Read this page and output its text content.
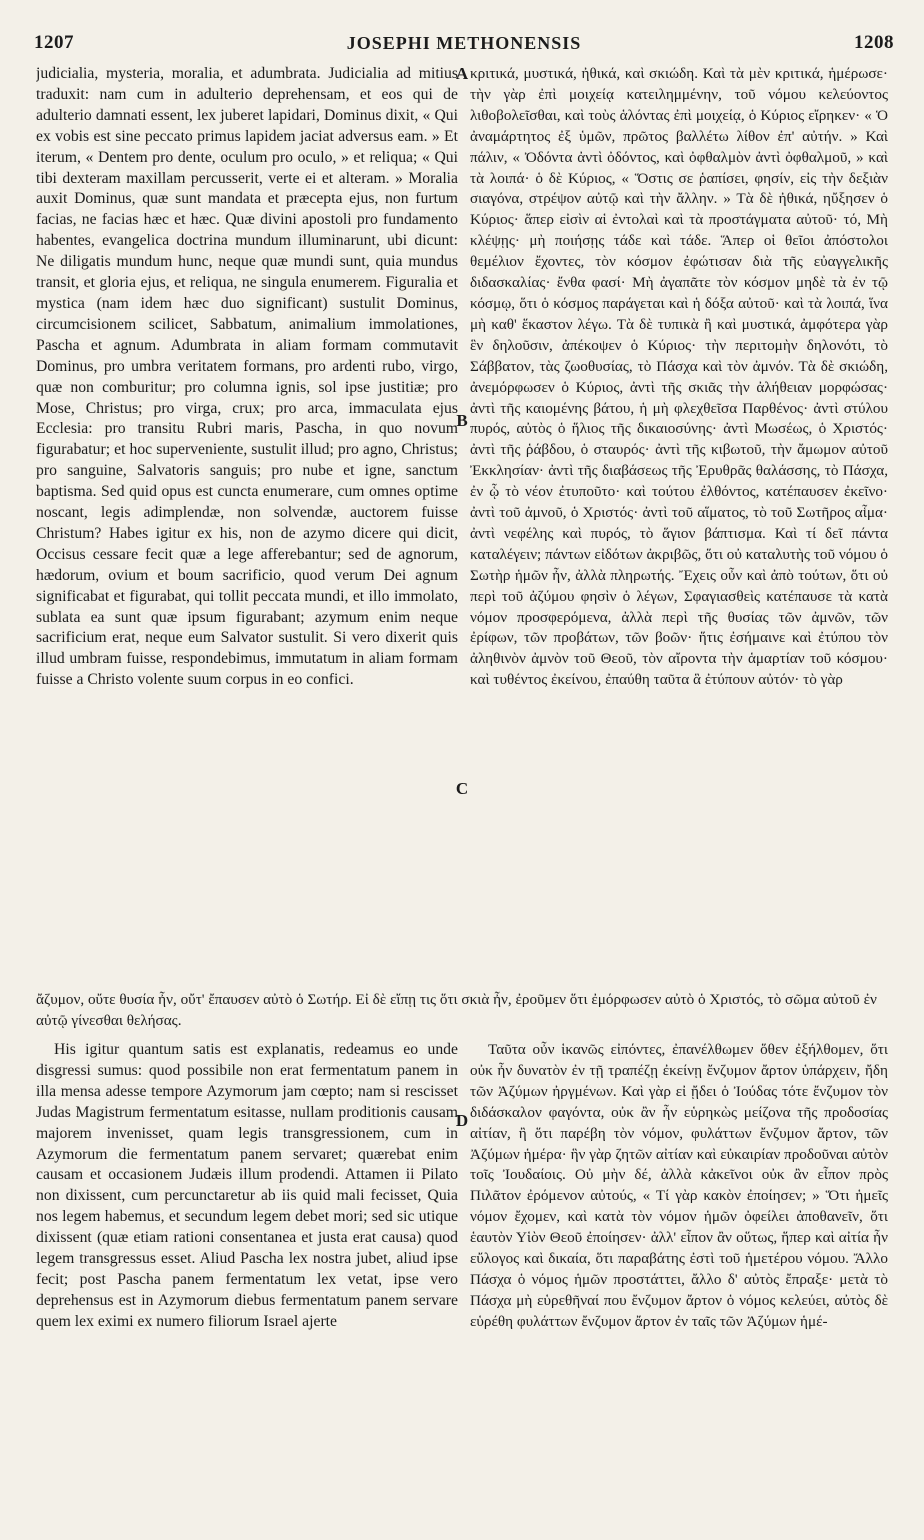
1207	JOSEPHI METHONENSIS	1208
A
B
C
D

judicialia, mysteria, moralia, et adumbrata. Judicialia ad mitius traduxit: nam cum in adulterio deprehensam, et eos qui de adulterio damnati essent, lex juberet lapidari, Dominus dixit, « Qui ex vobis est sine peccato primus lapidem jaciat adversus eam. » Et iterum, « Dentem pro dente, oculum pro oculo, » et reliqua; « Qui tibi dexteram maxillam percusserit, verte ei et alteram. » Moralia auxit Dominus, quæ sunt mandata et præcepta ejus, non furtum facias, ne facias hæc et hæc. Quæ divini apostoli pro fundamento habentes, evangelica doctrina mundum illuminarunt, ubi dicunt: Ne diligatis mundum hunc, neque quæ mundi sunt, quia mundus transit, et gloria ejus, et reliqua, ne singula enumerem. Figuralia et mystica (nam idem hæc duo significant) sustulit Dominus, circumcisionem scilicet, Sabbatum, animalium immolationes, Pascha et agnum. Adumbrata in aliam formam commutavit Dominus, pro umbra veritatem formans, pro ardenti rubo, virgo, quæ non comburitur; pro columna ignis, sol ipse justitiæ; pro Mose, Christus; pro virga, crux; pro arca, immaculata ejus Ecclesia: pro transitu Rubri maris, Pascha, in quo novum figurabatur; et hoc superveniente, sustulit illud; pro agno, Christus; pro sanguine, Salvatoris sanguis; pro nube et igne, sanctum baptisma. Sed quid opus est cuncta enumerare, cum omnes optime noscant, legis adimplendæ, non solvendæ, auctorem fuisse Christum? Habes igitur ex his, non de azymo dicere qui dicit, Occisus cessare fecit quæ a lege afferebantur; sed de agnorum, hædorum, ovium et boum sacrificio, quod verum Dei agnum significabat et figurabat, qui tollit peccata mundi, et illo immolato, sublata ea sunt quæ ipsum figurabant; azymum enim neque sacrificium erat, neque eum Salvator sustulit. Si vero dixerit quis illud umbram fuisse, respondebimus, immutatum in aliam formam fuisse a Christo volente suum corpus in eo confici.

κριτικά, μυστικά, ἠθικά, καὶ σκιώδη. Καὶ τὰ μὲν κριτικά, ἡμέρωσε· τὴν γὰρ ἐπὶ μοιχείᾳ κατειλημμένην, τοῦ νόμου κελεύοντος λιθοβολεῖσθαι, καὶ τοὺς ἁλόντας ἐπὶ μοιχείᾳ, ὁ Κύριος εἴρηκεν· « Ὁ ἀναμάρτητος ἐξ ὑμῶν, πρῶτος βαλλέτω λίθον ἐπ' αὐτήν. » Καὶ πάλιν, « Ὀδόντα ἀντὶ ὀδόντος, καὶ ὀφθαλμὸν ἀντὶ ὀφθαλμοῦ, » καὶ τὰ λοιπά· ὁ δὲ Κύριος, « Ὅστις σε ῥαπίσει, φησίν, εἰς τὴν δεξιὰν σιαγόνα, στρέψον αὐτῷ καὶ τὴν ἄλλην. » Τὰ δὲ ἠθικά, ηὔξησεν ὁ Κύριος· ἅπερ εἰσὶν αἱ ἐντολαὶ καὶ τὰ προστάγματα αὐτοῦ· τό, Μὴ κλέψῃς· μὴ ποιήσῃς τάδε καὶ τάδε. Ἅπερ οἱ θεῖοι ἀπόστολοι θεμέλιον ἔχοντες, τὸν κόσμον ἐφώτισαν διὰ τῆς εὐαγγελικῆς διδασκαλίας· ἔνθα φασί· Μὴ ἀγαπᾶτε τὸν κόσμον μηδὲ τὰ ἐν τῷ κόσμῳ, ὅτι ὁ κόσμος παράγεται καὶ ἡ δόξα αὐτοῦ· καὶ τὰ λοιπά, ἵνα μὴ καθ' ἕκαστον λέγω. Τὰ δὲ τυπικὰ ἢ καὶ μυστικά, ἀμφότερα γὰρ ἓν δηλοῦσιν, ἀπέκοψεν ὁ Κύριος· τὴν περιτομὴν δηλονότι, τὸ Σάββατον, τὰς ζωοθυσίας, τὸ Πάσχα καὶ τὸν ἀμνόν. Τὰ δὲ σκιώδη, ἀνεμόρφωσεν ὁ Κύριος, ἀντὶ τῆς σκιᾶς τὴν ἀλήθειαν μορφώσας· ἀντὶ τῆς καιομένης βάτου, ἡ μὴ φλεχθεῖσα Παρθένος· ἀντὶ στύλου πυρός, αὐτὸς ὁ ἥλιος τῆς δικαιοσύνης· ἀντὶ Μωσέως, ὁ Χριστός· ἀντὶ τῆς ῥάβδου, ὁ σταυρός· ἀντὶ τῆς κιβωτοῦ, τὴν ἄμωμον αὐτοῦ Ἐκκλησίαν· ἀντὶ τῆς διαβάσεως τῆς Ἐρυθρᾶς θαλάσσης, τὸ Πάσχα, ἐν ᾧ τὸ νέον ἐτυποῦτο· καὶ τούτου ἐλθόντος, κατέπαυσεν ἐκεῖνο· ἀντὶ τοῦ ἀμνοῦ, ὁ Χριστός· ἀντὶ τοῦ αἵματος, τὸ τοῦ Σωτῆρος αἷμα· ἀντὶ νεφέλης καὶ πυρός, τὸ ἅγιον βάπτισμα. Καὶ τί δεῖ πάντα καταλέγειν; πάντων εἰδότων ἀκριβῶς, ὅτι οὐ καταλυτὴς τοῦ νόμου ὁ Σωτὴρ ἡμῶν ἦν, ἀλλὰ πληρωτής. Ἔχεις οὖν καὶ ἀπὸ τούτων, ὅτι οὐ περὶ τοῦ ἀζύμου φησὶν ὁ λέγων, Σφαγιασθεὶς κατέπαυσε τὰ κατὰ νόμον προσφερόμενα, ἀλλὰ περὶ τῆς θυσίας τῶν ἀμνῶν, τῶν ἐρίφων, τῶν προβάτων, τῶν βοῶν· ἥτις ἐσήμαινε καὶ ἐτύπου τὸν ἀληθινὸν ἀμνὸν τοῦ Θεοῦ, τὸν αἴροντα τὴν ἁμαρτίαν τοῦ κόσμου· καὶ τυθέντος ἐκείνου, ἐπαύθη ταῦτα ἃ ἐτύπουν αὐτόν· τὸ γὰρ

ἄζυμον, οὔτε θυσία ἦν, οὔτ' ἔπαυσεν αὐτὸ ὁ Σωτήρ. Εἰ δὲ εἴπῃ τις ὅτι σκιὰ ἦν, ἐροῦμεν ὅτι ἐμόρφωσεν αὐτὸ ὁ Χριστός, τὸ σῶμα αὐτοῦ ἐν αὐτῷ γίνεσθαι θελήσας.

His igitur quantum satis est explanatis, redeamus eo unde disgressi sumus: quod possibile non erat fermentatum panem in illa mensa adesse tempore Azymorum jam cœpto; nam si rescisset Judas Magistrum fermentatum esitasse, nullam proditionis causam majorem invenisset, quam legis transgressionem, cum in Azymorum die fermentatum panem servaret; quærebat enim causam et occasionem Judæis illum prodendi. Attamen ii Pilato non dixissent, cum percunctaretur ab iis quid mali fecisset, Quia nos legem habemus, et secundum legem debet mori; sed sic utique dixissent (quæ etiam rationi consentanea et justa erat causa) quod legem transgressus esset. Aliud Pascha lex nostra jubet, aliud ipse fecit; post Pascha panem fermentatum lex vetat, ipse vero deprehensus est in Azymorum diebus fermentatum panem servare quem lex eximi ex numero filiorum Israel ajerte

Ταῦτα οὖν ἱκανῶς εἰπόντες, ἐπανέλθωμεν ὅθεν ἐξήλθομεν, ὅτι οὐκ ἦν δυνατὸν ἐν τῇ τραπέζῃ ἐκείνῃ ἔνζυμον ἄρτον ὑπάρχειν, ἤδη τῶν Ἀζύμων ἠργμένων. Καὶ γὰρ εἰ ᾔδει ὁ Ἰούδας τότε ἔνζυμον τὸν διδάσκαλον φαγόντα, οὐκ ἂν ἦν εὑρηκὼς μείζονα τῆς προδοσίας αἰτίαν, ἢ ὅτι παρέβη τὸν νόμον, φυλάττων ἔνζυμον ἄρτον, τῶν Ἀζύμων ἡμέρα· ἣν γὰρ ζητῶν αἰτίαν καὶ εὐκαιρίαν προδοῦναι αὐτὸν τοῖς Ἰουδαίοις. Οὐ μὴν δέ, ἀλλὰ κἀκεῖνοι οὐκ ἂν εἶπον πρὸς Πιλᾶτον ἐρόμενον αὐτούς, « Τί γὰρ κακὸν ἐποίησεν; » Ὅτι ἡμεῖς νόμον ἔχομεν, καὶ κατὰ τὸν νόμον ἡμῶν ὀφείλει ἀποθανεῖν, ὅτι ἑαυτὸν Υἱὸν Θεοῦ ἐποίησεν· ἀλλ' εἶπον ἂν οὕτως, ἥπερ καὶ αἰτία ἦν εὔλογος καὶ δικαία, ὅτι παραβάτης ἐστὶ τοῦ ἡμετέρου νόμου. Ἄλλο Πάσχα ὁ νόμος ἡμῶν προστάττει, ἄλλο δ' αὐτὸς ἔπραξε· μετὰ τὸ Πάσχα μὴ εὑρεθῆναί που ἔνζυμον ἄρτον ὁ νόμος κελεύει, αὐτὸς δὲ εὑρέθη φυλάττων ἔνζυμον ἄρτον ἐν ταῖς τῶν Ἀζύμων ἡμέ-
